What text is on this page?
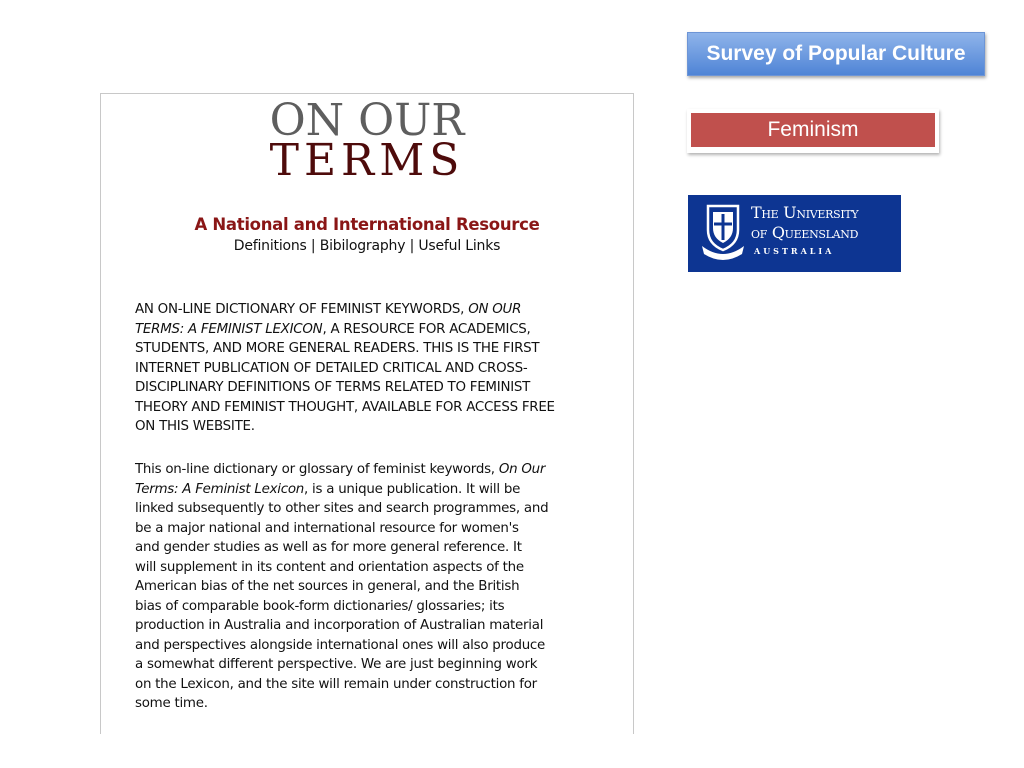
ON OUR
TERMS
A National and International Resource
Definitions | Bibilography | Useful Links
AN ON-LINE DICTIONARY OF FEMINIST KEYWORDS, ON OUR
TERMS: A FEMINIST LEXICON, A RESOURCE FOR ACADEMICS,
STUDENTS, AND MORE GENERAL READERS. THIS IS THE FIRST
INTERNET PUBLICATION OF DETAILED CRITICAL AND CROSS-
DISCIPLINARY DEFINITIONS OF TERMS RELATED TO FEMINIST
THEORY AND FEMINIST THOUGHT, AVAILABLE FOR ACCESS FREE
ON THIS WEBSITE.
This on-line dictionary or glossary of feminist keywords, On Our
Terms: A Feminist Lexicon, is a unique publication. It will be
linked subsequently to other sites and search programmes, and
be a major national and international resource for women's
and gender studies as well as for more general reference. It
will supplement in its content and orientation aspects of the
American bias of the net sources in general, and the British
bias of comparable book-form dictionaries/ glossaries; its
production in Australia and incorporation of Australian material
and perspectives alongside international ones will also produce
a somewhat different perspective. We are just beginning work
on the Lexicon, and the site will remain under construction for
some time.
Survey of Popular Culture
Feminism
The University
of Queensland
AUSTRALIA
